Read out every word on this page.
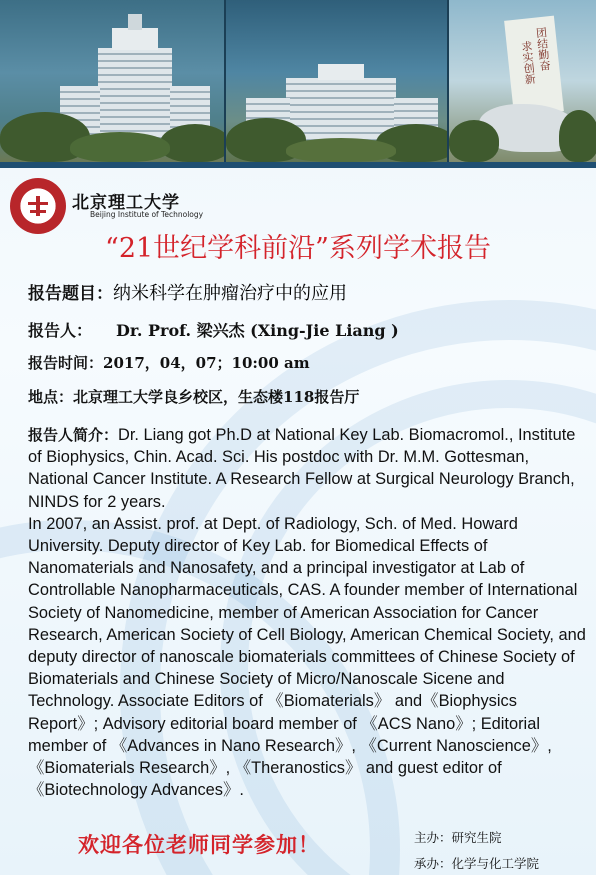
团结勤奋
求实创新
北京理工大学
Beijing Institute of Technology
“21世纪学科前沿”系列学术报告
报告题目：纳米科学在肿瘤治疗中的应用
报告人： Dr. Prof. 梁兴杰 (Xing-Jie Liang )
报告时间：2017，04，07；10:00 am
地点：北京理工大学良乡校区，生态楼118报告厅
报告人简介：Dr. Liang got Ph.D at National Key Lab. Biomacromol., Institute of Biophysics, Chin. Acad. Sci. His postdoc with Dr. M.M. Gottesman, National Cancer Institute. A Research Fellow at Surgical Neurology Branch, NINDS for 2 years.
In 2007, an Assist. prof. at Dept. of Radiology, Sch. of Med. Howard University. Deputy director of Key Lab. for Biomedical Effects of Nanomaterials and Nanosafety, and a principal investigator at Lab of Controllable Nanopharmaceuticals, CAS. A founder member of International Society of Nanomedicine, member of American Association for Cancer Research, American Society of Cell Biology, American Chemical Society, and deputy director of nanoscale biomaterials committees of Chinese Society of Biomaterials and Chinese Society of Micro/Nanoscale Sicene and Technology. Associate Editors of 《Biomaterials》 and《Biophysics Report》; Advisory editorial board member of 《ACS Nano》; Editorial member of 《Advances in Nano Research》, 《Current Nanoscience》, 《Biomaterials Research》, 《Theranostics》 and guest editor of 《Biotechnology Advances》.
欢迎各位老师同学参加！	主办：研究生院
承办：化学与化工学院
